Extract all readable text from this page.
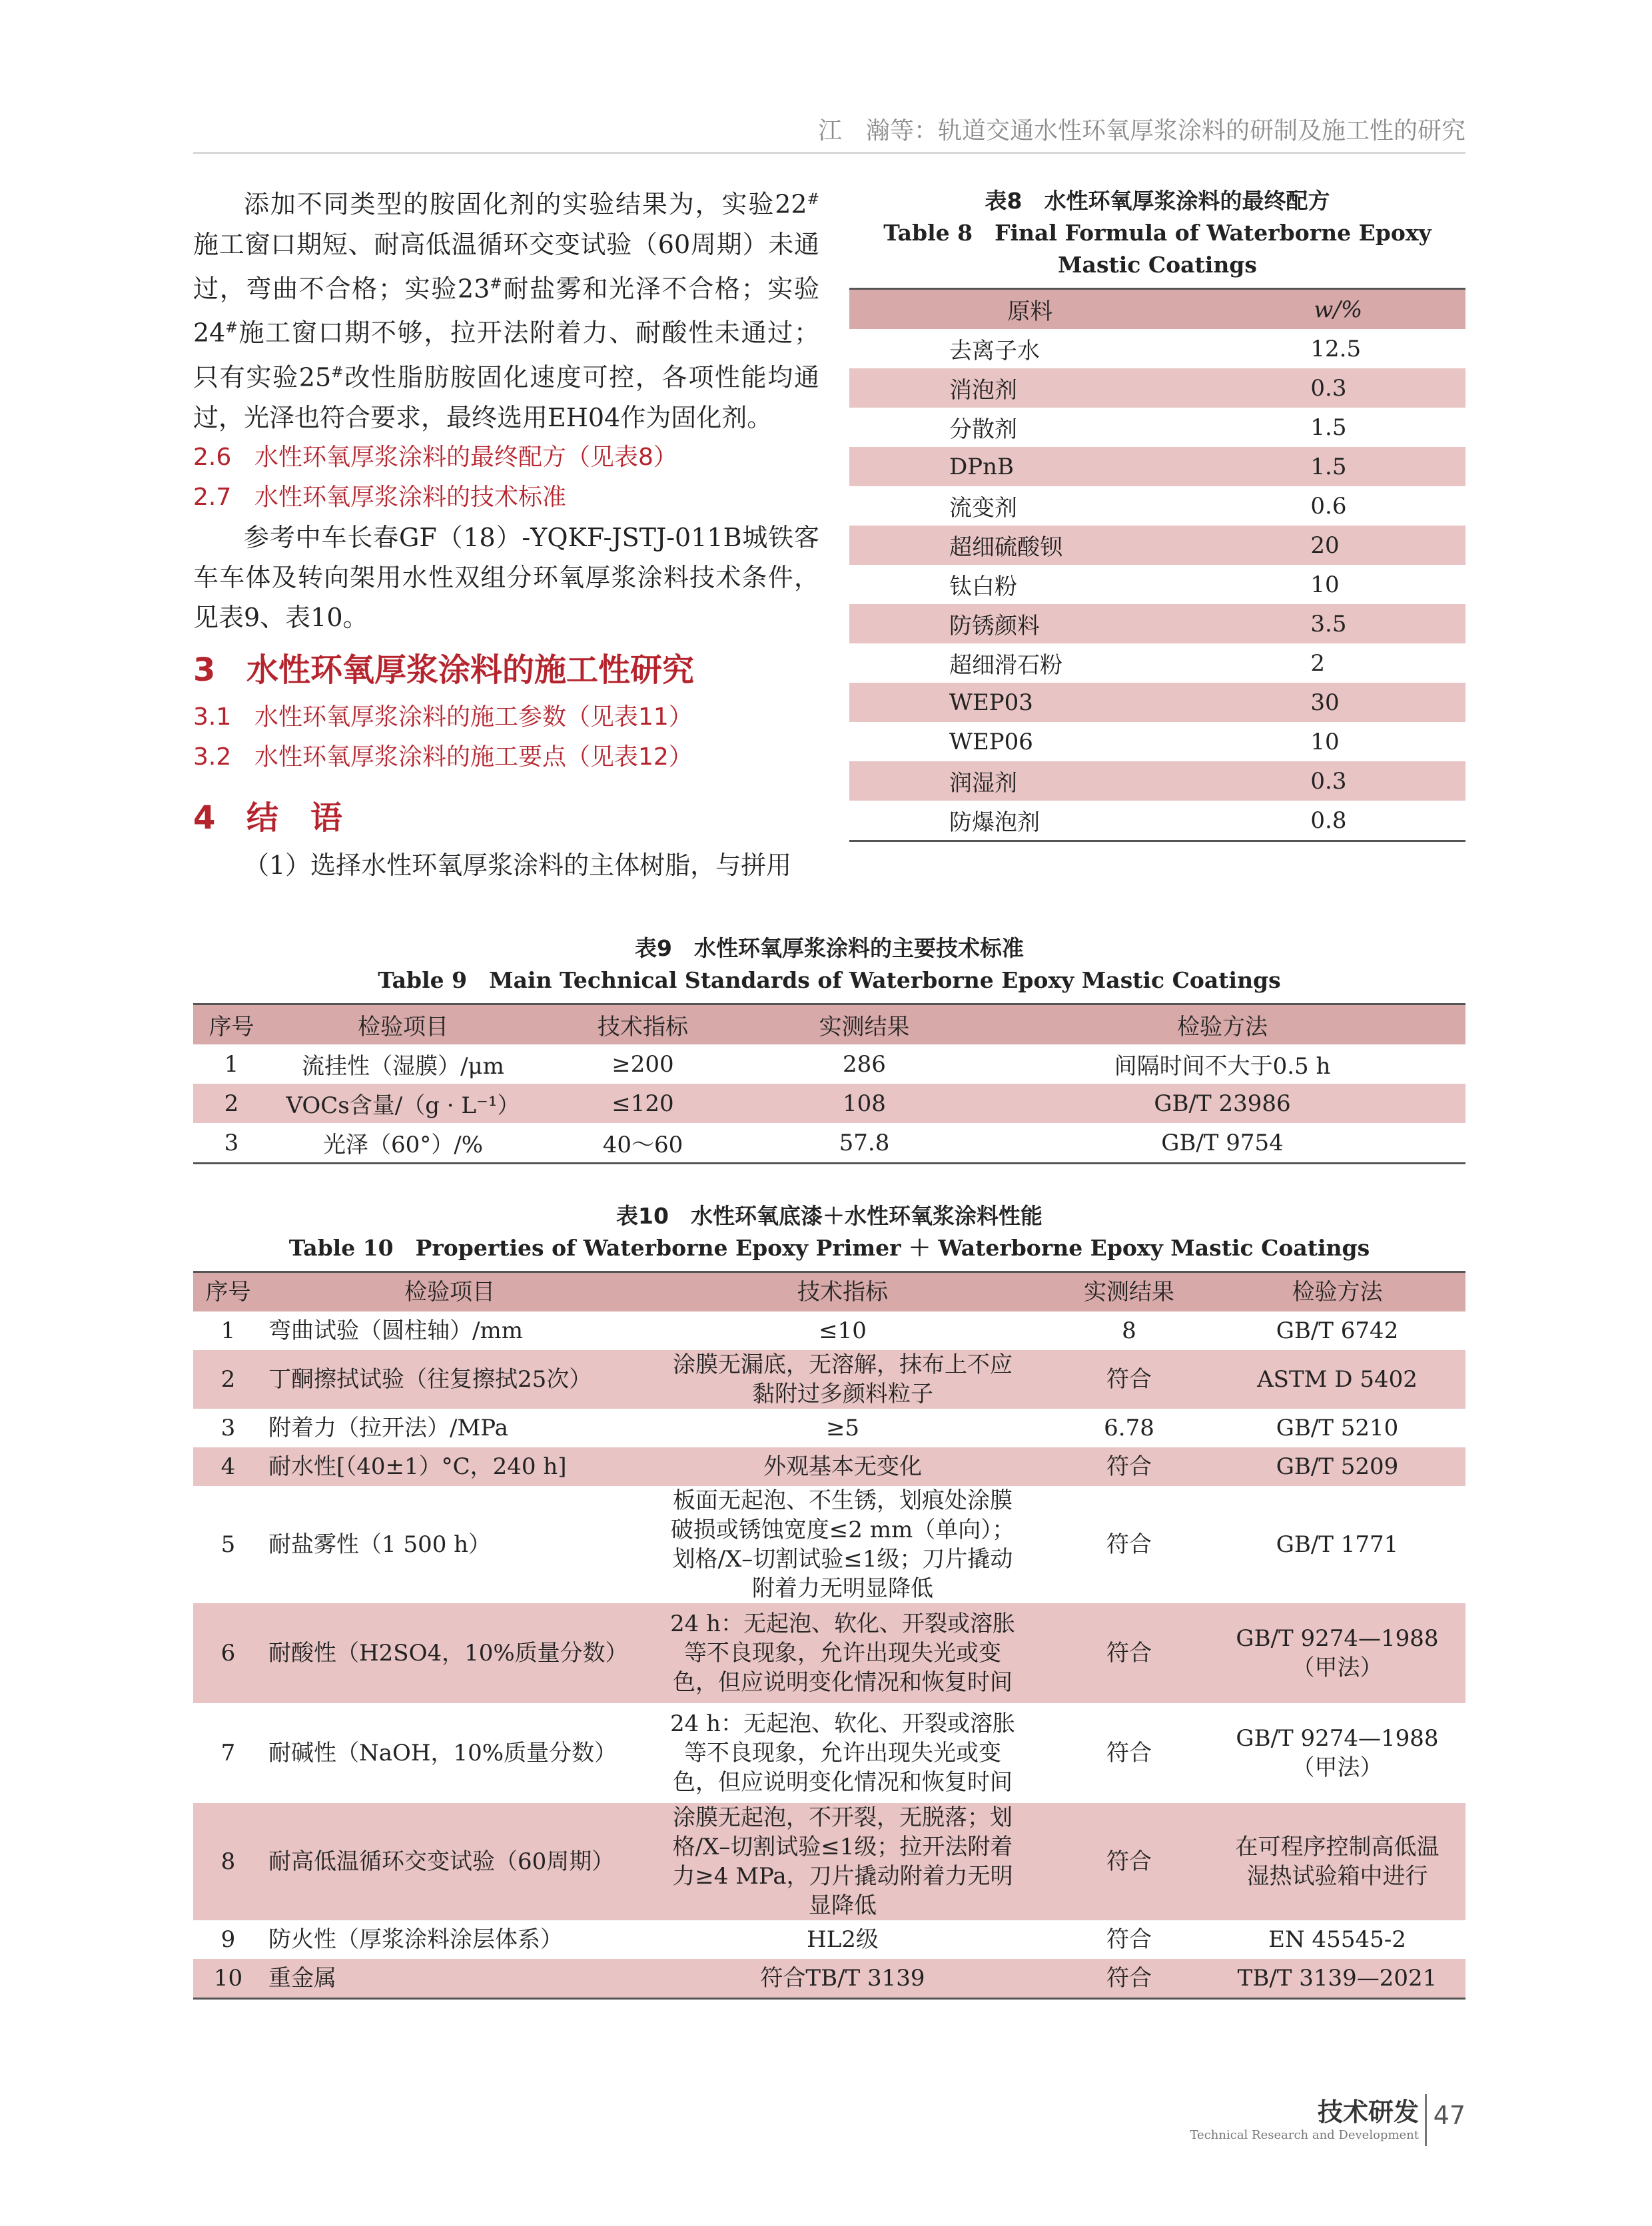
江　瀚等：轨道交通水性环氧厚浆涂料的研制及施工性的研究

添加不同类型的胺固化剂的实验结果为，实验22#施工窗口期短、耐高低温循环交变试验（60周期）未通过，弯曲不合格；实验23#耐盐雾和光泽不合格；实验24#施工窗口期不够，拉开法附着力、耐酸性未通过；只有实验25#改性脂肪胺固化速度可控，各项性能均通过，光泽也符合要求，最终选用EH04作为固化剂。

2.6 水性环氧厚浆涂料的最终配方（见表8）

2.7 水性环氧厚浆涂料的技术标准

参考中车长春GF（18）-YQKF-JSTJ-011B城铁客车车体及转向架用水性双组分环氧厚浆涂料技术条件，见表9、表10。

3 水性环氧厚浆涂料的施工性研究

3.1 水性环氧厚浆涂料的施工参数（见表11）

3.2 水性环氧厚浆涂料的施工要点（见表12）

4 结　语

（1）选择水性环氧厚浆涂料的主体树脂，与拼用

表8　水性环氧厚浆涂料的最终配方
Table 8　Final Formula of Waterborne Epoxy Mastic Coatings
原料	w/%
去离子水	12.5
消泡剂	0.3
分散剂	1.5
DPnB	1.5
流变剂	0.6
超细硫酸钡	20
钛白粉	10
防锈颜料	3.5
超细滑石粉	2
WEP03	30
WEP06	10
润湿剂	0.3
防爆泡剂	0.8
表9　水性环氧厚浆涂料的主要技术标准
Table 9　Main Technical Standards of Waterborne Epoxy Mastic Coatings
序号	检验项目	技术指标	实测结果	检验方法
1	流挂性（湿膜）/μm	≥200	286	间隔时间不大于0.5 h
2	VOCs含量/（g · L⁻¹）	≤120	108	GB/T 23986
3	光泽（60°）/%	40～60	57.8	GB/T 9754
表10　水性环氧底漆＋水性环氧浆涂料性能
Table 10　Properties of Waterborne Epoxy Primer ＋ Waterborne Epoxy Mastic Coatings
序号	检验项目	技术指标	实测结果	检验方法
1	弯曲试验（圆柱轴）/mm	≤10	8	GB/T 6742
2	丁酮擦拭试验（往复擦拭25次）	涂膜无漏底，无溶解，抹布上不应黏附过多颜料粒子	符合	ASTM D 5402
3	附着力（拉开法）/MPa	≥5	6.78	GB/T 5210
4	耐水性[（40±1）°C，240 h]	外观基本无变化	符合	GB/T 5209
5	耐盐雾性（1 500 h）	板面无起泡、不生锈，划痕处涂膜破损或锈蚀宽度≤2 mm（单向）；划格/X–切割试验≤1级；刀片撬动附着力无明显降低	符合	GB/T 1771
6	耐酸性（H2SO4，10%质量分数）	24 h：无起泡、软化、开裂或溶胀等不良现象，允许出现失光或变色，但应说明变化情况和恢复时间	符合	GB/T 9274—1988（甲法）
7	耐碱性（NaOH，10%质量分数）	24 h：无起泡、软化、开裂或溶胀等不良现象，允许出现失光或变色，但应说明变化情况和恢复时间	符合	GB/T 9274—1988（甲法）
8	耐高低温循环交变试验（60周期）	涂膜无起泡，不开裂，无脱落；划格/X–切割试验≤1级；拉开法附着力≥4 MPa，刀片撬动附着力无明显降低	符合	在可程序控制高低温湿热试验箱中进行
9	防火性（厚浆涂料涂层体系）	HL2级	符合	EN 45545-2
10	重金属	符合TB/T 3139	符合	TB/T 3139—2021
技术研发
Technical Research and Development
47
